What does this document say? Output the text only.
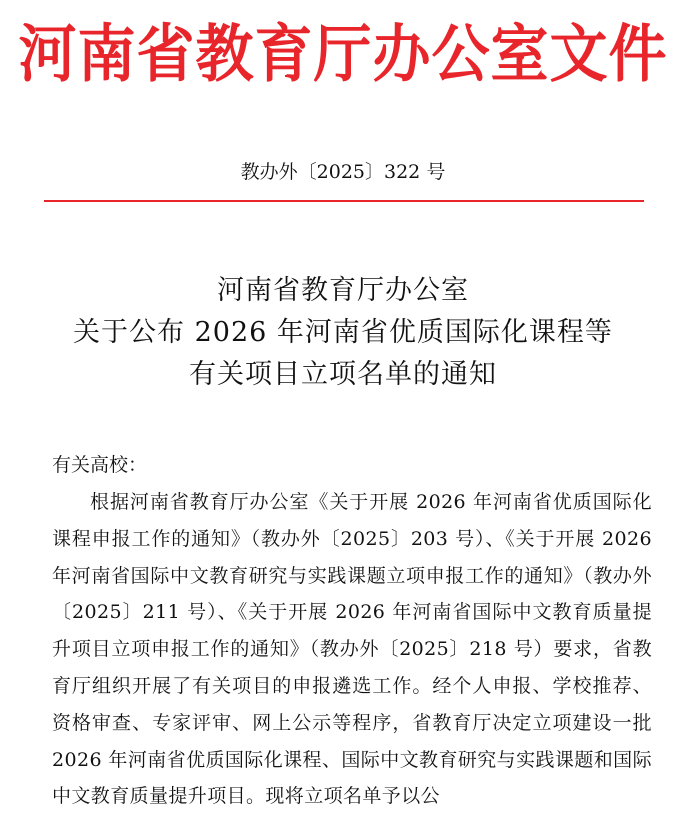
河南省教育厅办公室文件
教办外〔2025〕322 号
河南省教育厅办公室
关于公布 2026 年河南省优质国际化课程等
有关项目立项名单的通知
有关高校：

根据河南省教育厅办公室《关于开展 2026 年河南省优质国际化课程申报工作的通知》（教办外〔2025〕203 号）、《关于开展 2026 年河南省国际中文教育研究与实践课题立项申报工作的通知》（教办外〔2025〕211 号）、《关于开展 2026 年河南省国际中文教育质量提升项目立项申报工作的通知》（教办外〔2025〕218 号）要求，省教育厅组织开展了有关项目的申报遴选工作。经个人申报、学校推荐、资格审查、专家评审、网上公示等程序，省教育厅决定立项建设一批 2026 年河南省优质国际化课程、国际中文教育研究与实践课题和国际中文教育质量提升项目。现将立项名单予以公
